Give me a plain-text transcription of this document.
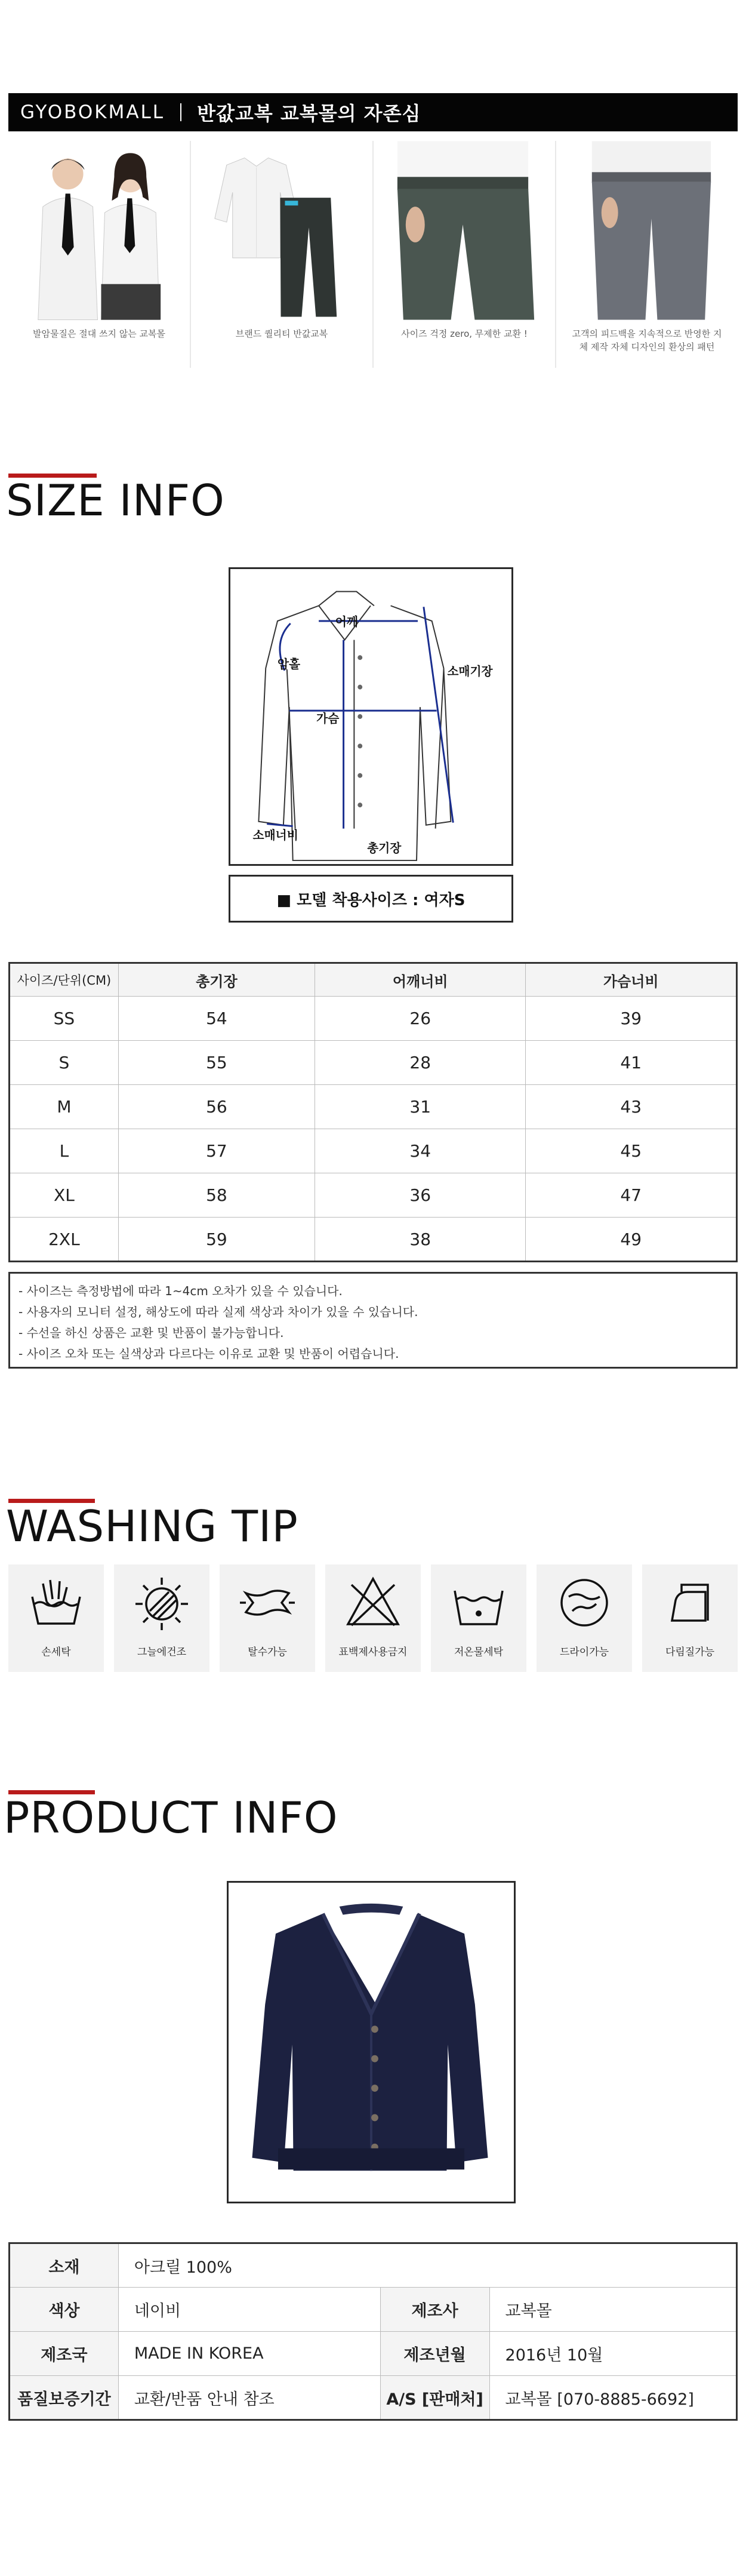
GYOBOKMALL 반값교복 교복몰의 자존심
발암물질은 절대 쓰지 않는 교복몰	브랜드 퀄리티 반값교복	사이즈 걱정 zero, 무제한 교환 !	고객의 피드백을 지속적으로 반영한 지체 제작 자체 디자인의 환상의 패턴
SIZE INFO
어깨
암홀
가슴
소매기장
소매너비
총기장
■ 모델 착용사이즈 : 여자S
사이즈/단위(CM)	총기장	어깨너비	가슴너비
SS	54	26	39
S	55	28	41
M	56	31	43
L	57	34	45
XL	58	36	47
2XL	59	38	49
- 사이즈는 측정방법에 따라 1~4cm 오차가 있을 수 있습니다.
- 사용자의 모니터 설정, 해상도에 따라 실제 색상과 차이가 있을 수 있습니다.
- 수선을 하신 상품은 교환 및 반품이 불가능합니다.
- 사이즈 오차 또는 실색상과 다르다는 이유로 교환 및 반품이 어렵습니다.
WASHING TIP
손세탁	그늘에건조	탈수가능	표백제사용금지	저온물세탁	드라이가능	다림질가능
PRODUCT INFO
소재	아크릴 100%		
색상	네이비	제조사	교복몰
제조국	MADE IN KOREA	제조년월	2016년 10월
품질보증기간	교환/반품 안내 참조	A/S [판매처]	교복몰 [070-8885-6692]
